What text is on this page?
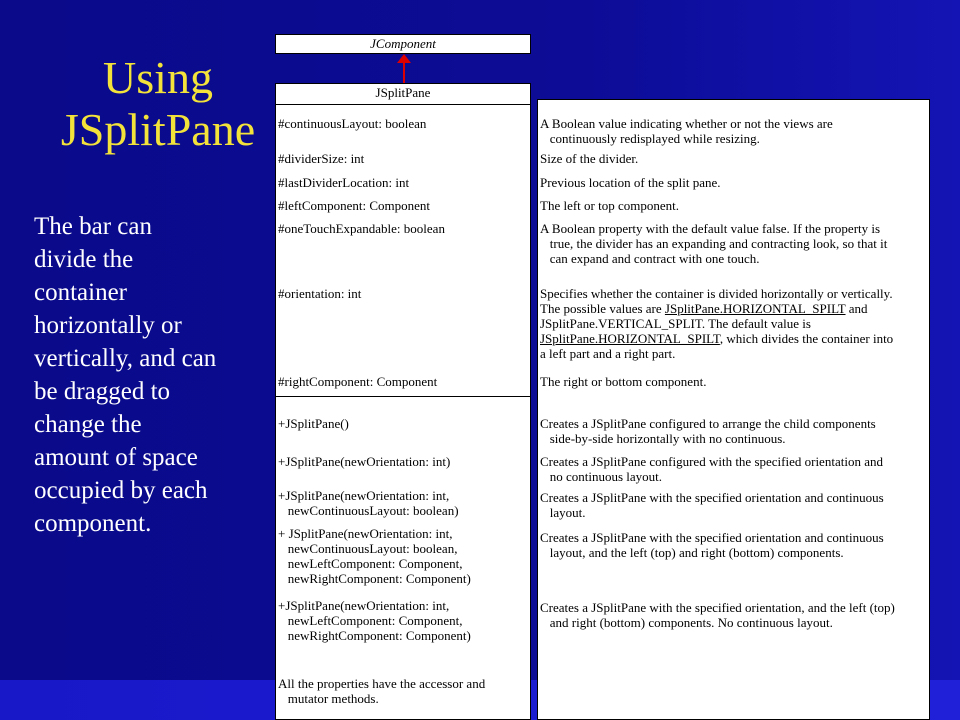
Using
JSplitPane
The bar can
divide the
container
horizontally or
vertically, and can
be dragged to
change the
amount of space
occupied by each
component.
JComponent
JSplitPane
#continuousLayout: boolean
#dividerSize: int
#lastDividerLocation: int
#leftComponent: Component
#oneTouchExpandable: boolean
#orientation: int
#rightComponent: Component
+JSplitPane()
+JSplitPane(newOrientation: int)
+JSplitPane(newOrientation: int,
newContinuousLayout: boolean)
+ JSplitPane(newOrientation: int,
newContinuousLayout: boolean,
newLeftComponent: Component,
newRightComponent: Component)
+JSplitPane(newOrientation: int,
newLeftComponent: Component,
newRightComponent: Component)
All the properties have the accessor and
mutator methods.
A Boolean value indicating whether or not the views are
continuously redisplayed while resizing.
Size of the divider.
Previous location of the split pane.
The left or top component.
A Boolean property with the default value false. If the property is
true, the divider has an expanding and contracting look, so that it
can expand and contract with one touch.
Specifies whether the container is divided horizontally or vertically.
The possible values are JSplitPane.HORIZONTAL_SPILT and
JSplitPane.VERTICAL_SPLIT. The default value is
JSplitPane.HORIZONTAL_SPILT, which divides the container into
a left part and a right part.
The right or bottom component.
Creates a JSplitPane configured to arrange the child components
side-by-side horizontally with no continuous.
Creates a JSplitPane configured with the specified orientation and
no continuous layout.
Creates a JSplitPane with the specified orientation and continuous
layout.
Creates a JSplitPane with the specified orientation and continuous
layout, and the left (top) and right (bottom) components.
Creates a JSplitPane with the specified orientation, and the left (top)
and right (bottom) components. No continuous layout.
